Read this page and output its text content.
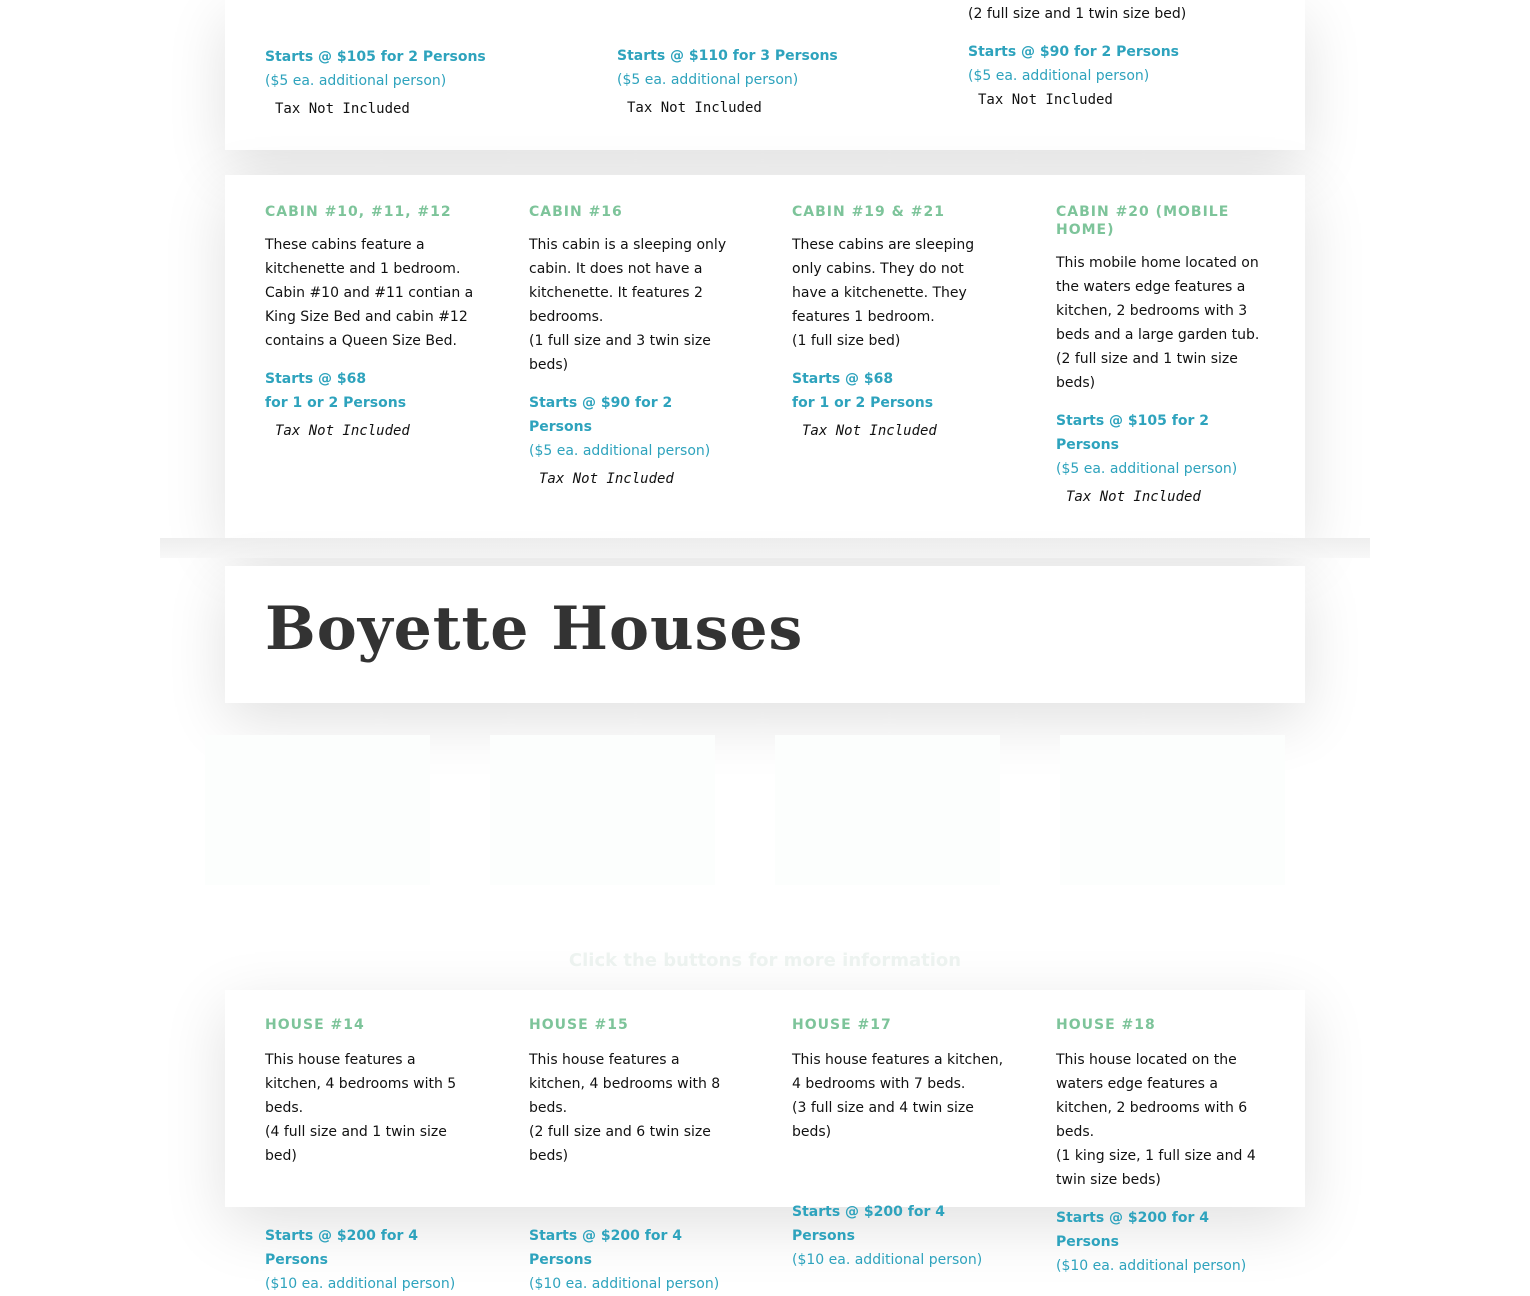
Starts @ $105 for 2 Persons

($5 ea. additional person)

Tax Not Included

Starts @ $110 for 3 Persons

($5 ea. additional person)

Tax Not Included

(2 full size and 1 twin size bed)

Starts @ $90 for 2 Persons

($5 ea. additional person)

Tax Not Included
CABIN #10, #11, #12

These cabins feature a kitchenette and 1 bedroom. Cabin #10 and #11 contian a King Size Bed and cabin #12 contains a Queen Size Bed.

Starts @ $68

for 1 or 2 Persons

Tax Not Included
CABIN #16

This cabin is a sleeping only cabin. It does not have a kitchenette. It features 2 bedrooms.

(1 full size and 3 twin size beds)

Starts @ $90 for 2 Persons

($5 ea. additional person)

Tax Not Included
CABIN #19 & #21

These cabins are sleeping only cabins. They do not have a kitchenette. They features 1 bedroom.

(1 full size bed)

Starts @ $68

for 1 or 2 Persons

Tax Not Included
CABIN #20 (MOBILE HOME)

This mobile home located on the waters edge features a kitchen, 2 bedrooms with 3 beds and a large garden tub.

(2 full size and 1 twin size beds)

Starts @ $105 for 2 Persons

($5 ea. additional person)

Tax Not Included
Boyette Houses
Click the buttons for more information
HOUSE #14

This house features a kitchen, 4 bedrooms with 5 beds.

(4 full size and 1 twin size bed)

Starts @ $200 for 4 Persons

($10 ea. additional person)

HOUSE #15

This house features a kitchen, 4 bedrooms with 8 beds.

(2 full size and 6 twin size beds)

Starts @ $200 for 4 Persons

($10 ea. additional person)

HOUSE #17

This house features a kitchen, 4 bedrooms with 7 beds.

(3 full size and 4 twin size beds)

Starts @ $200 for 4 Persons

($10 ea. additional person)

HOUSE #18

This house located on the waters edge features a kitchen, 2 bedrooms with 6 beds.

(1 king size, 1 full size and 4 twin size beds)

Starts @ $200 for 4 Persons

($10 ea. additional person)
